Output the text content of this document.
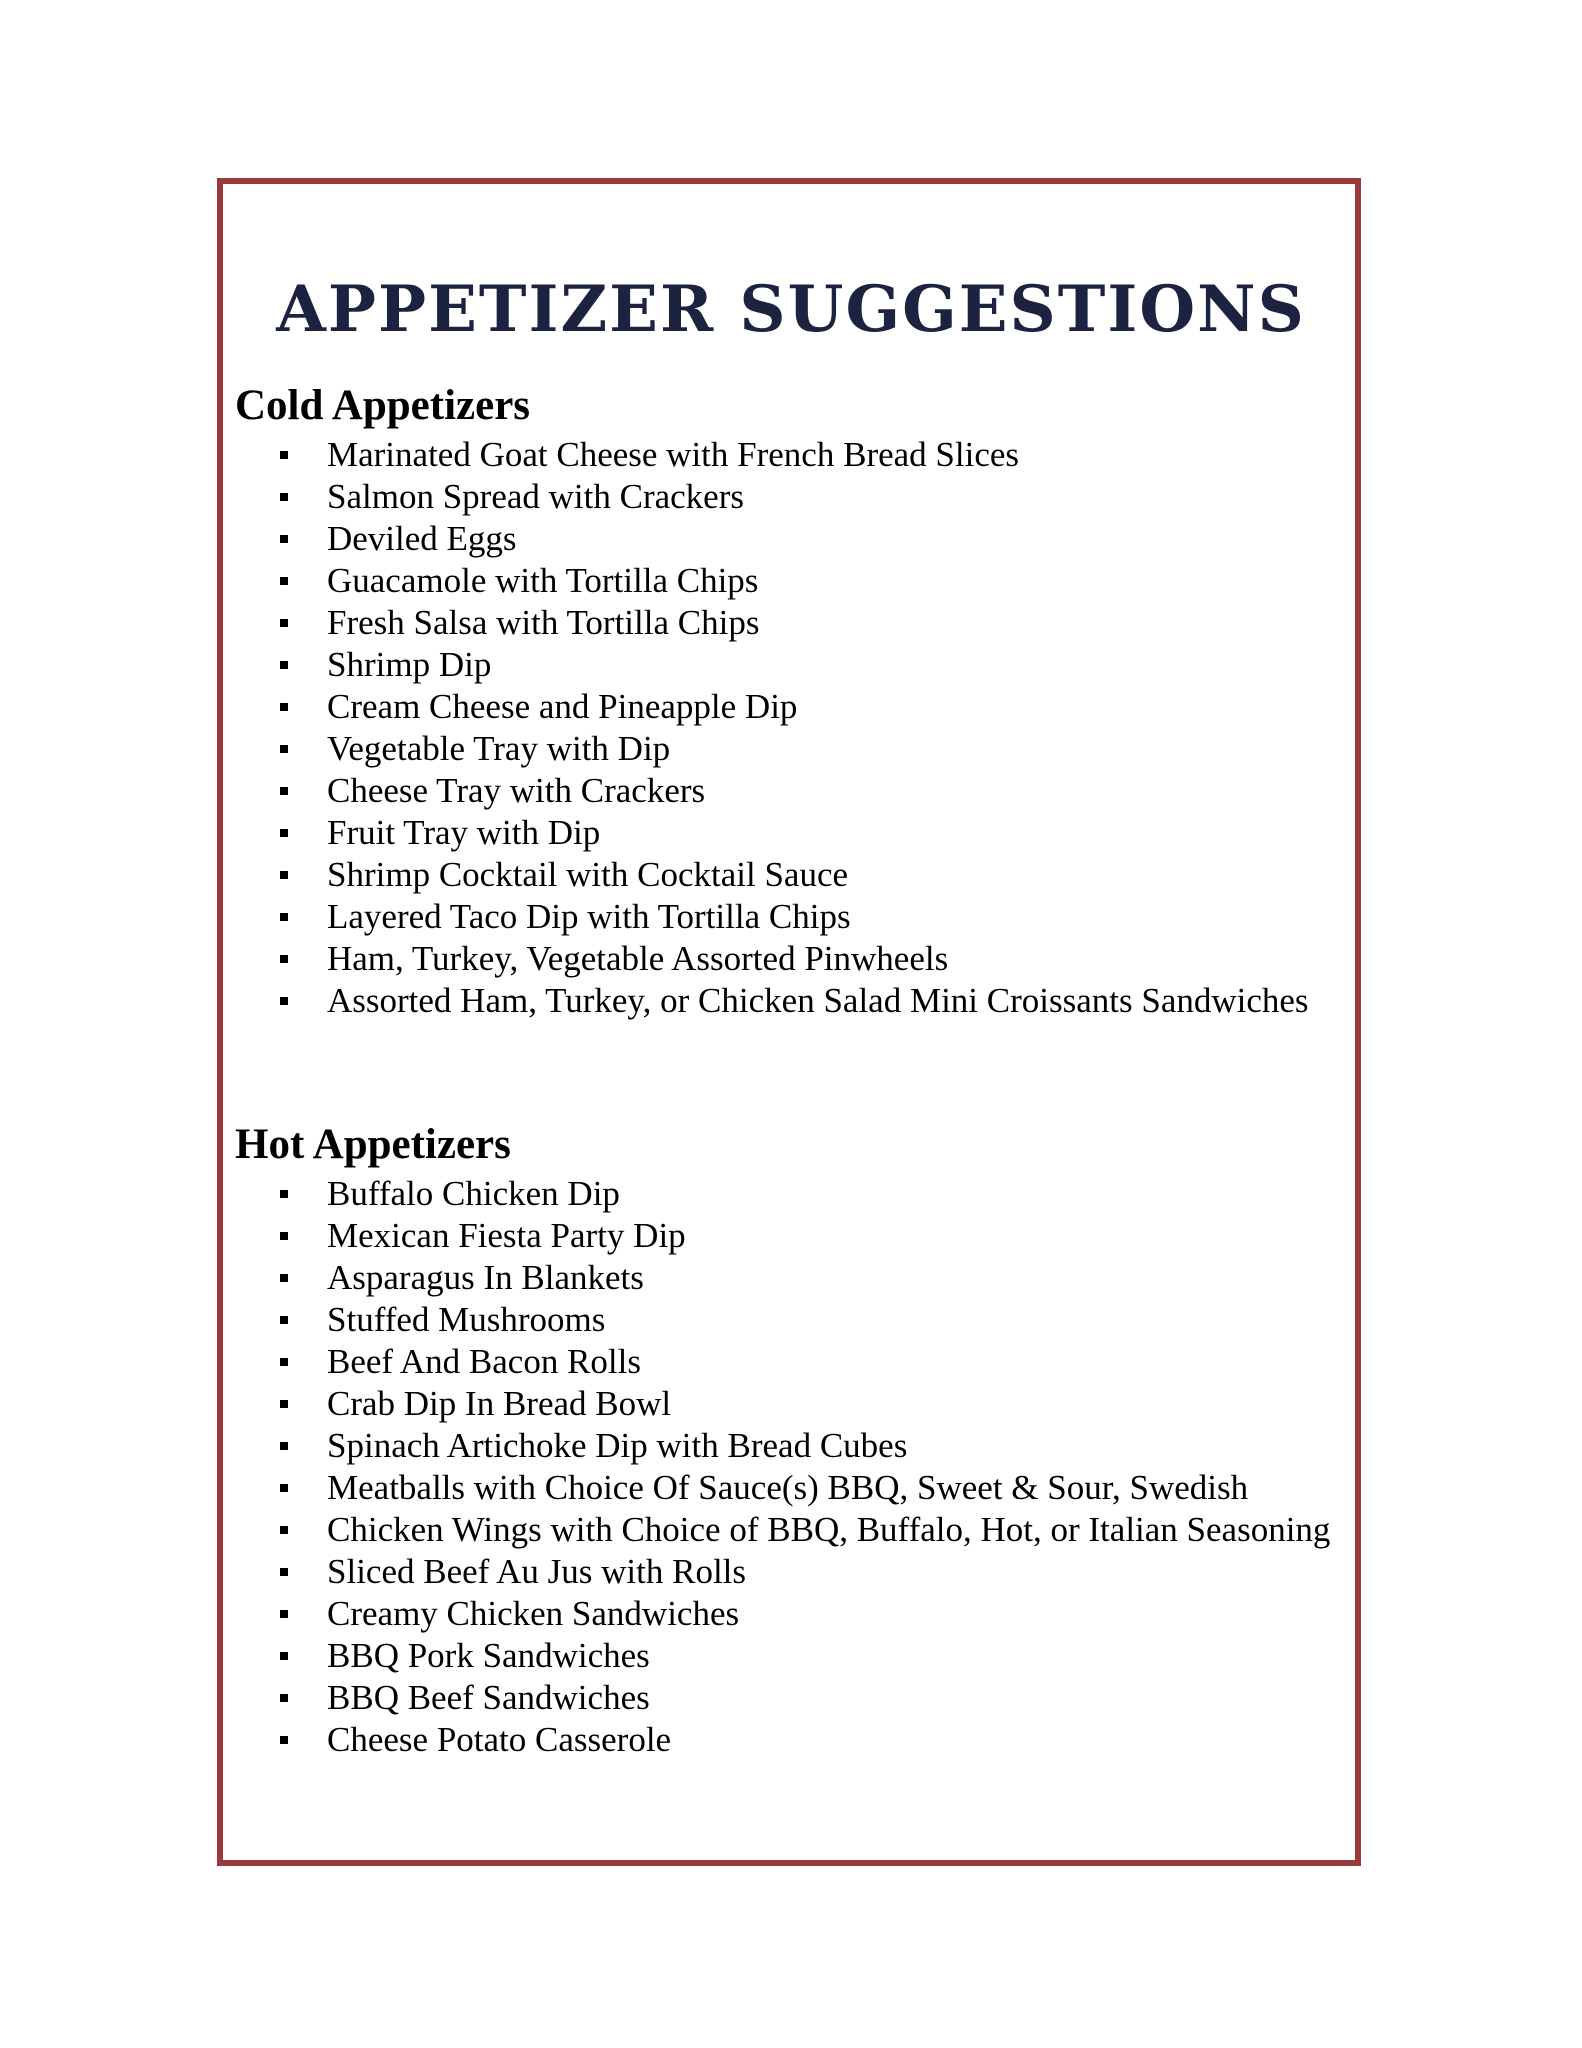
APPETIZER SUGGESTIONS
Cold Appetizers
Marinated Goat Cheese with French Bread Slices
Salmon Spread with Crackers
Deviled Eggs
Guacamole with Tortilla Chips
Fresh Salsa with Tortilla Chips
Shrimp Dip
Cream Cheese and Pineapple Dip
Vegetable Tray with Dip
Cheese Tray with Crackers
Fruit Tray with Dip
Shrimp Cocktail with Cocktail Sauce
Layered Taco Dip with Tortilla Chips
Ham, Turkey, Vegetable Assorted Pinwheels
Assorted Ham, Turkey, or Chicken Salad Mini Croissants Sandwiches
Hot Appetizers
Buffalo Chicken Dip
Mexican Fiesta Party Dip
Asparagus In Blankets
Stuffed Mushrooms
Beef And Bacon Rolls
Crab Dip In Bread Bowl
Spinach Artichoke Dip with Bread Cubes
Meatballs with Choice Of Sauce(s) BBQ, Sweet & Sour, Swedish
Chicken Wings with Choice of BBQ, Buffalo, Hot, or Italian Seasoning
Sliced Beef Au Jus with Rolls
Creamy Chicken Sandwiches
BBQ Pork Sandwiches
BBQ Beef Sandwiches
Cheese Potato Casserole
